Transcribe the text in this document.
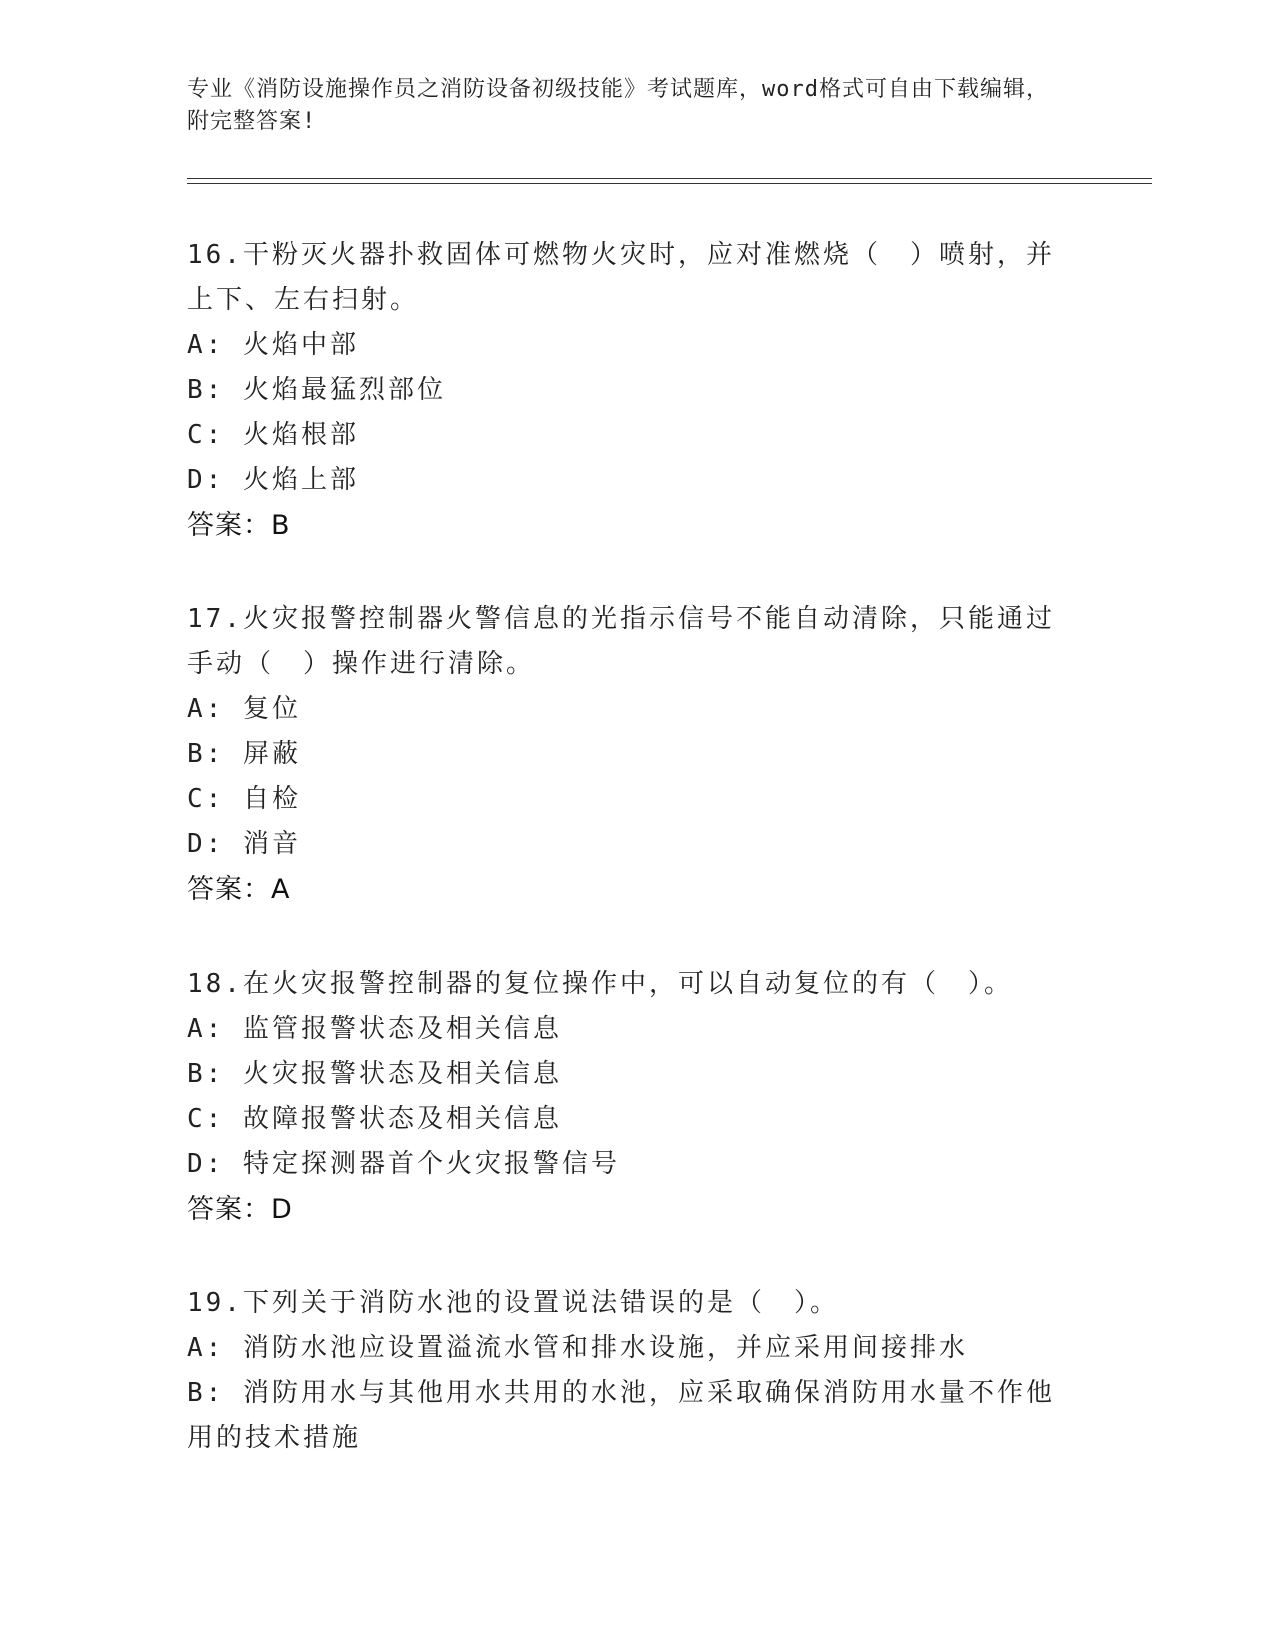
专业《消防设施操作员之消防设备初级技能》考试题库，word格式可自由下载编辑，附完整答案!
16.干粉灭火器扑救固体可燃物火灾时，应对准燃烧（　）喷射，并上下、左右扫射。
A: 火焰中部
B: 火焰最猛烈部位
C: 火焰根部
D: 火焰上部
答案：B
17.火灾报警控制器火警信息的光指示信号不能自动清除，只能通过手动（　）操作进行清除。
A: 复位
B: 屏蔽
C: 自检
D: 消音
答案：A
18.在火灾报警控制器的复位操作中，可以自动复位的有（　）。
A: 监管报警状态及相关信息
B: 火灾报警状态及相关信息
C: 故障报警状态及相关信息
D: 特定探测器首个火灾报警信号
答案：D
19.下列关于消防水池的设置说法错误的是（　）。
A: 消防水池应设置溢流水管和排水设施，并应采用间接排水
B: 消防用水与其他用水共用的水池，应采取确保消防用水量不作他用的技术措施
